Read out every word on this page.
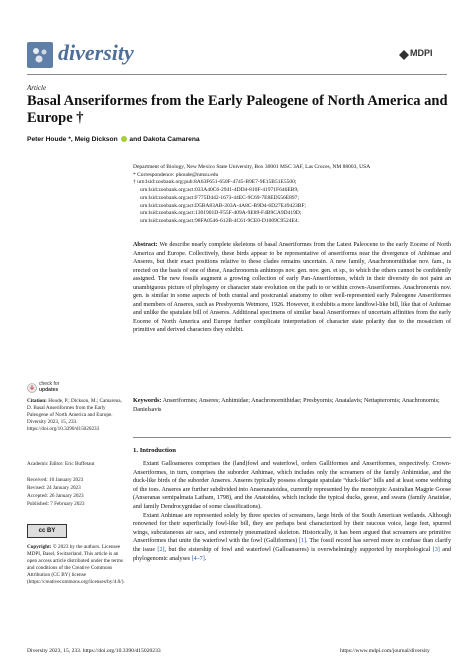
diversity	MDPI
Article
Basal Anseriformes from the Early Paleogene of North America and Europe †
Peter Houde *, Meig Dickson and Dakota Camarena
Department of Biology, New Mexico State University, Box 30001 MSC 3AF, Las Cruces, NM 88003, USA
* Correspondence: phoude@nmsu.edu
† urn:lsid:zoobank.org:pub:8A63F651-650F-4745-B9E7-9E15B51E5500;
urn:lsid:zoobank.org:act:033A40C6-2941-4DD4-810F-41971F646EB9;
urn:lsid:zoobank.org:act:F775D442-1673-44EC-9C69-7E8ED556E897;
urn:lsid:zoobank.org:act:D5BA83AB-203A-4A8C-B9D4-6D27E49423BF;
urn:lsid:zoobank.org:act:1301901D-F55F-409A-9E89-F4B9CA9D419D;
urn:lsid:zoobank.org:act:98FA0546-612B-4C61-9CE0-D1009C9524E4.
Abstract: We describe nearly complete skeletons of basal Anseriformes from the Latest Paleocene to the early Eocene of North America and Europe. Collectively, these birds appear to be representative of anseriforms near the divergence of Anhimae and Anseres, but their exact positions relative to these clades remains uncertain. A new family, Anachronornithidae nov. fam., is erected on the basis of one of these, Anachronornis anhimops nov. gen. nov. gen. et sp., to which the others cannot be confidently assigned. The new fossils augment a growing collection of early Pan-Anseriformes, which in their diversity do not paint an unambiguous picture of phylogeny or character state evolution on the path to or within crown-Anseriformes. Anachronornis nov. gen. is similar in some aspects of both cranial and postcranial anatomy to other well-represented early Paleogene Anseriformes and members of Anseres, such as Presbyornis Wetmore, 1926. However, it exhibits a more landfowl-like bill, like that of Anhimae and unlike the spatulate bill of Anseres. Additional specimens of similar basal Anseriformes of uncertain affinities from the early Eocene of North America and Europe further complicate interpretation of character state polarity due to the mosaicism of primitive and derived characters they exhibit.
Keywords: Anseriformes; Anseres; Anhimidae; Anachronornithidae; Presbyornis; Anatalavis; Nettapterornis; Anachronornis; Danielsavis
1. Introduction

Extant Galloanseres comprises the (land)fowl and waterfowl, orders Galliformes and Anseriformes, respectively. Crown-Anseriformes, in turn, comprises the suborder Anhimae, which includes only the screamers of the family Anhimidae, and the duck-like birds of the suborder Anseres. Anseres typically possess elongate spatulate “duck-like” bills and at least some webbing of the toes. Anseres are further subdivided into Anseranatoidea, currently represented by the monotypic Australian Magpie Goose (Anseranas semipalmata Latham, 1798), and the Anatoidea, which include the typical ducks, geese, and swans (family Anatidae, and family Dendrocygnidae of some classifications).

Extant Anhimae are represented solely by three species of screamers, large birds of the South American wetlands. Although renowned for their superficially fowl-like bill, they are perhaps best characterized by their raucous voice, large feet, spurred wings, subcutaneous air sacs, and extremely pneumatized skeleton. Historically, it has been argued that screamers are primitive Anseriformes that unite the waterfowl with the fowl (Galliformes) [1]. The fossil record has served more to confuse than clarify the issue [2], but the sistership of fowl and waterfowl (Galloanseres) is overwhelmingly supported by morphological [3] and phylogenomic analyses [4–7].

check for
updates
Citation: Houde, P.; Dickson, M.; Camarena, D. Basal Anseriformes from the Early Paleogene of North America and Europe. Diversity 2023, 15, 233. https://doi.org/10.3390/d15020233
Academic Editor: Eric Buffetaut
Received: 10 January 2023
Revised: 24 January 2023
Accepted: 26 January 2023
Published: 7 February 2023
cc BY
Copyright: © 2023 by the authors. Licensee MDPI, Basel, Switzerland. This article is an open access article distributed under the terms and conditions of the Creative Commons Attribution (CC BY) license (https://creativecommons.org/licenses/by/4.0/).
Diversity 2023, 15, 233. https://doi.org/10.3390/d15020233	https://www.mdpi.com/journal/diversity
